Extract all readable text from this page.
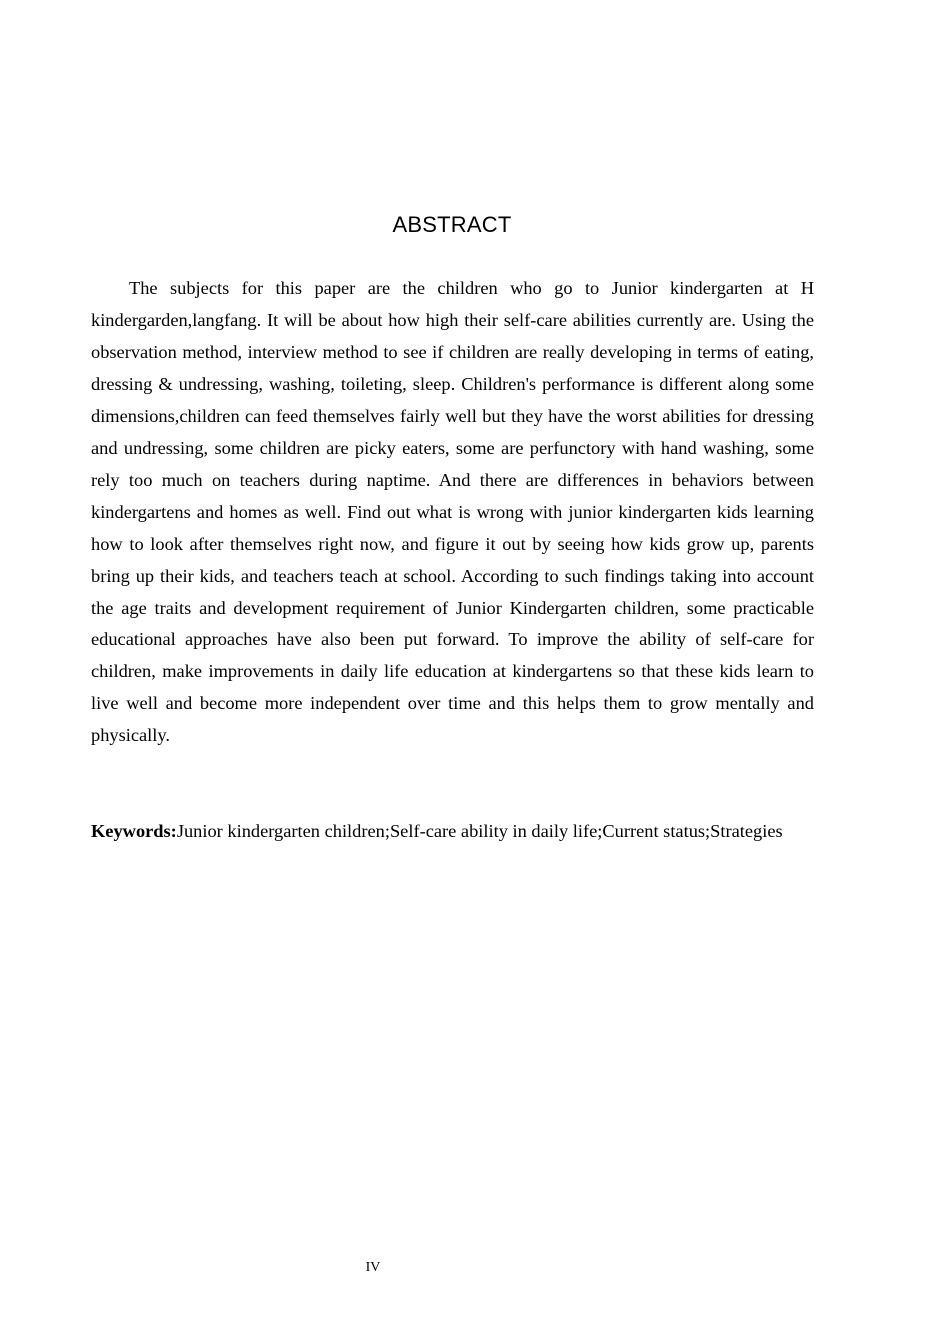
ABSTRACT

The subjects for this paper are the children who go to Junior kindergarten at H kindergarden,langfang. It will be about how high their self-care abilities currently are. Using the observation method, interview method to see if children are really developing in terms of eating, dressing & undressing, washing, toileting, sleep. Children's performance is different along some dimensions,children can feed themselves fairly well but they have the worst abilities for dressing and undressing, some children are picky eaters, some are perfunctory with hand washing, some rely too much on teachers during naptime. And there are differences in behaviors between kindergartens and homes as well. Find out what is wrong with junior kindergarten kids learning how to look after themselves right now, and figure it out by seeing how kids grow up, parents bring up their kids, and teachers teach at school. According to such findings taking into account the age traits and development requirement of Junior Kindergarten children, some practicable educational approaches have also been put forward. To improve the ability of self-care for children, make improvements in daily life education at kindergartens so that these kids learn to live well and become more independent over time and this helps them to grow mentally and physically.

Keywords:Junior kindergarten children;Self-care ability in daily life;Current status;Strategies

IV
